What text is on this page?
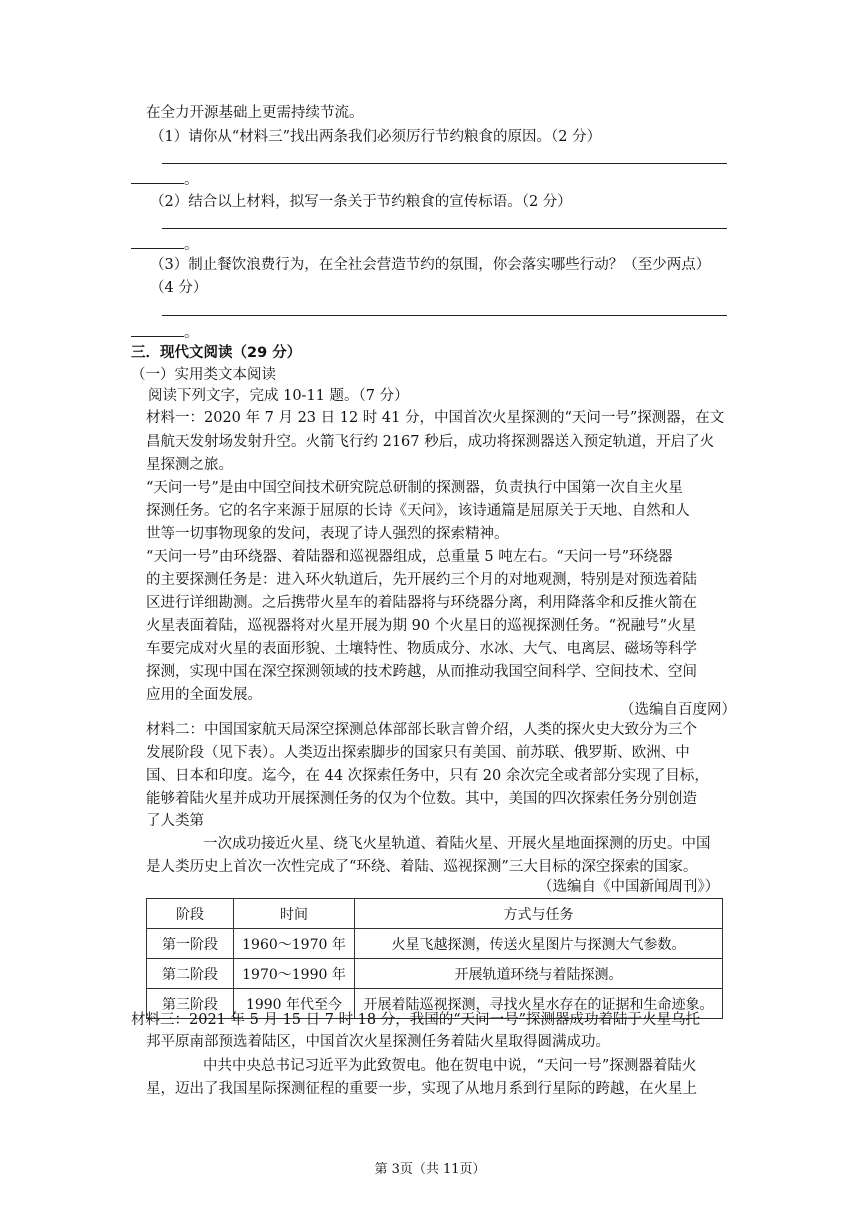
在全力开源基础上更需持续节流。
（1）请你从“材料三”找出两条我们必须厉行节约粮食的原因。（2 分）
。
（2）结合以上材料，拟写一条关于节约粮食的宣传标语。（2 分）
。
（3）制止餐饮浪费行为，在全社会营造节约的氛围，你会落实哪些行动？（至少两点）
（4 分）
。
三．现代文阅读（29 分）
（一）实用类文本阅读
阅读下列文字，完成 10-11 题。（7 分）
材料一：2020 年 7 月 23 日 12 时 41 分，中国首次火星探测的“天问一号”探测器，在文
昌航天发射场发射升空。火箭飞行约 2167 秒后，成功将探测器送入预定轨道，开启了火
星探测之旅。
“天问一号”是由中国空间技术研究院总研制的探测器，负责执行中国第一次自主火星
探测任务。它的名字来源于屈原的长诗《天问》，该诗通篇是屈原关于天地、自然和人
世等一切事物现象的发问，表现了诗人强烈的探索精神。
“天问一号”由环绕器、着陆器和巡视器组成，总重量 5 吨左右。“天问一号”环绕器
的主要探测任务是：进入环火轨道后，先开展约三个月的对地观测，特别是对预选着陆
区进行详细勘测。之后携带火星车的着陆器将与环绕器分离，利用降落伞和反推火箭在
火星表面着陆，巡视器将对火星开展为期 90 个火星日的巡视探测任务。“祝融号”火星
车要完成对火星的表面形貌、土壤特性、物质成分、水冰、大气、电离层、磁场等科学
探测，实现中国在深空探测领域的技术跨越，从而推动我国空间科学、空间技术、空间
应用的全面发展。
（选编自百度网）
材料二：中国国家航天局深空探测总体部部长耿言曾介绍，人类的探火史大致分为三个
发展阶段（见下表）。人类迈出探索脚步的国家只有美国、前苏联、俄罗斯、欧洲、中
国、日本和印度。迄今，在 44 次探索任务中，只有 20 余次完全或者部分实现了目标，
能够着陆火星并成功开展探测任务的仅为个位数。其中，美国的四次探索任务分别创造
了人类第
一次成功接近火星、绕飞火星轨道、着陆火星、开展火星地面探测的历史。中国
是人类历史上首次一次性完成了“环绕、着陆、巡视探测”三大目标的深空探索的国家。
（选编自《中国新闻周刊》）
阶段	时间	方式与任务
第一阶段	1960～1970 年	火星飞越探测，传送火星图片与探测大气参数。
第二阶段	1970～1990 年	开展轨道环绕与着陆探测。
第三阶段	1990 年代至今	开展着陆巡视探测，寻找火星水存在的证据和生命迹象。
材料三：2021 年 5 月 15 日 7 时 18 分，我国的“天问一号”探测器成功着陆于火星乌托
邦平原南部预选着陆区，中国首次火星探测任务着陆火星取得圆满成功。
中共中央总书记习近平为此致贺电。他在贺电中说，“天问一号”探测器着陆火
星，迈出了我国星际探测征程的重要一步，实现了从地月系到行星际的跨越，在火星上
第 3页（共 11页）
